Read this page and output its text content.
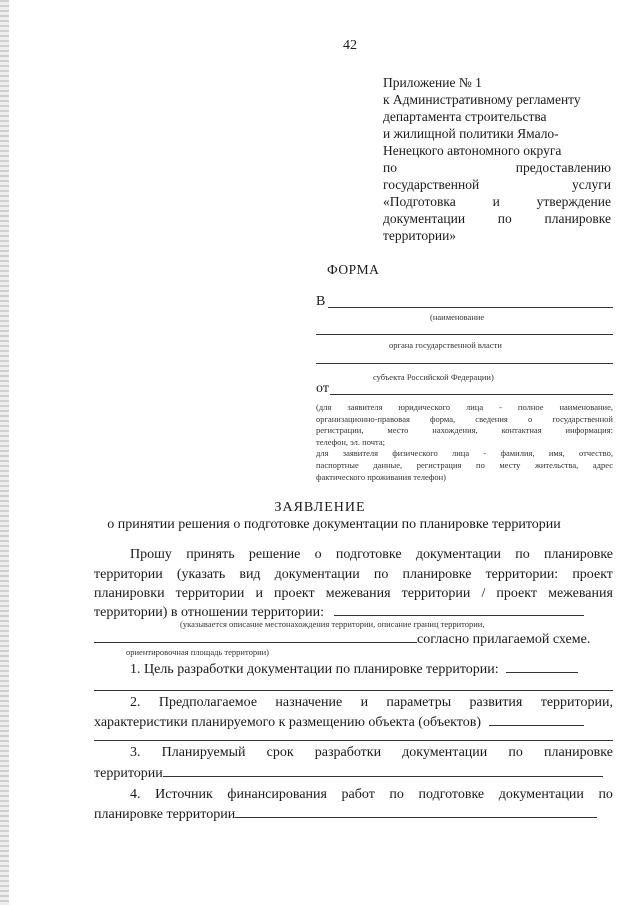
42
Приложение № 1
к Административному регламенту
департамента строительства
и жилищной политики Ямало-
Ненецкого автономного округа
по	предоставлению
государственной	услуги
«Подготовка	и	утверждение
документации по планировке
территории»
ФОРМА
В
(наименование
органа государственной власти
субъекта Российской Федерации)
от
(для заявителя юридического лица - полное наименование,
организационно-правовая форма, сведения о государственной
регистрации,	место	нахождения,	контактная	информация:
телефон, эл. почта;
для заявителя физического лица - фамилия, имя, отчество,
паспортные данные, регистрация по месту жительства, адрес
фактического проживания телефон)
ЗАЯВЛЕНИЕ
о принятии решения о подготовке документации по планировке территории
Прошу принять решение о подготовке документации по планировке
территории (указать вид документации по планировке территории: проект
планировки территории и проект межевания территории / проект межевания
территории) в отношении территории:
(указывается описание местонахождения территории, описание границ территории,
согласно прилагаемой схеме.
ориентировочная площадь территории)
1. Цель разработки документации по планировке территории:
2. Предполагаемое назначение и параметры развития территории,
характеристики планируемого к размещению объекта (объектов)
3. Планируемый срок разработки документации по планировке
территории
4. Источник финансирования работ по подготовке документации по
планировке территории
